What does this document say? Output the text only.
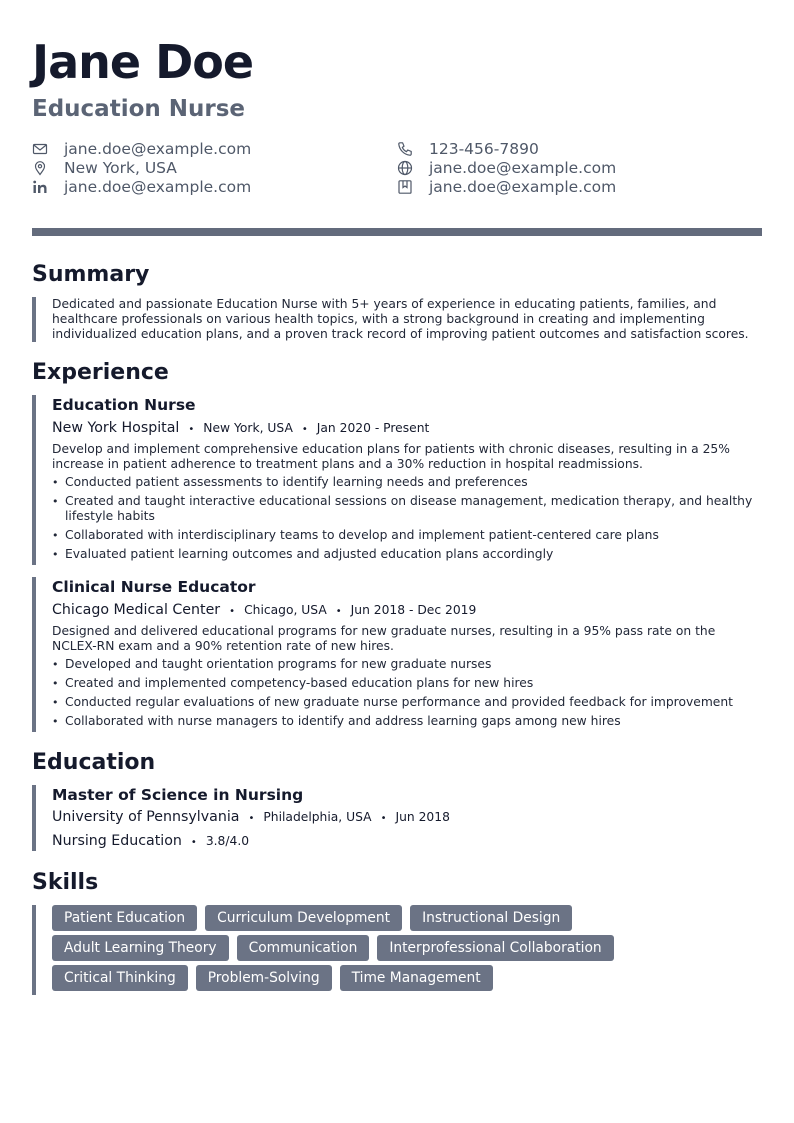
Jane Doe
Education Nurse
jane.doe@example.com
New York, USA
jane.doe@example.com
123-456-7890
jane.doe@example.com
jane.doe@example.com
Summary
Dedicated and passionate Education Nurse with 5+ years of experience in educating patients, families, and healthcare professionals on various health topics, with a strong background in creating and implementing individualized education plans, and a proven track record of improving patient outcomes and satisfaction scores.
Experience
Education Nurse
New York Hospital • New York, USA • Jan 2020 - Present
Develop and implement comprehensive education plans for patients with chronic diseases, resulting in a 25% increase in patient adherence to treatment plans and a 30% reduction in hospital readmissions.
• Conducted patient assessments to identify learning needs and preferences
• Created and taught interactive educational sessions on disease management, medication therapy, and healthy lifestyle habits
• Collaborated with interdisciplinary teams to develop and implement patient-centered care plans
• Evaluated patient learning outcomes and adjusted education plans accordingly
Clinical Nurse Educator
Chicago Medical Center • Chicago, USA • Jun 2018 - Dec 2019
Designed and delivered educational programs for new graduate nurses, resulting in a 95% pass rate on the NCLEX-RN exam and a 90% retention rate of new hires.
• Developed and taught orientation programs for new graduate nurses
• Created and implemented competency-based education plans for new hires
• Conducted regular evaluations of new graduate nurse performance and provided feedback for improvement
• Collaborated with nurse managers to identify and address learning gaps among new hires
Education
Master of Science in Nursing
University of Pennsylvania • Philadelphia, USA • Jun 2018
Nursing Education • 3.8/4.0
Skills
Patient Education	Curriculum Development	Instructional Design
Adult Learning Theory	Communication	Interprofessional Collaboration
Critical Thinking	Problem-Solving	Time Management
